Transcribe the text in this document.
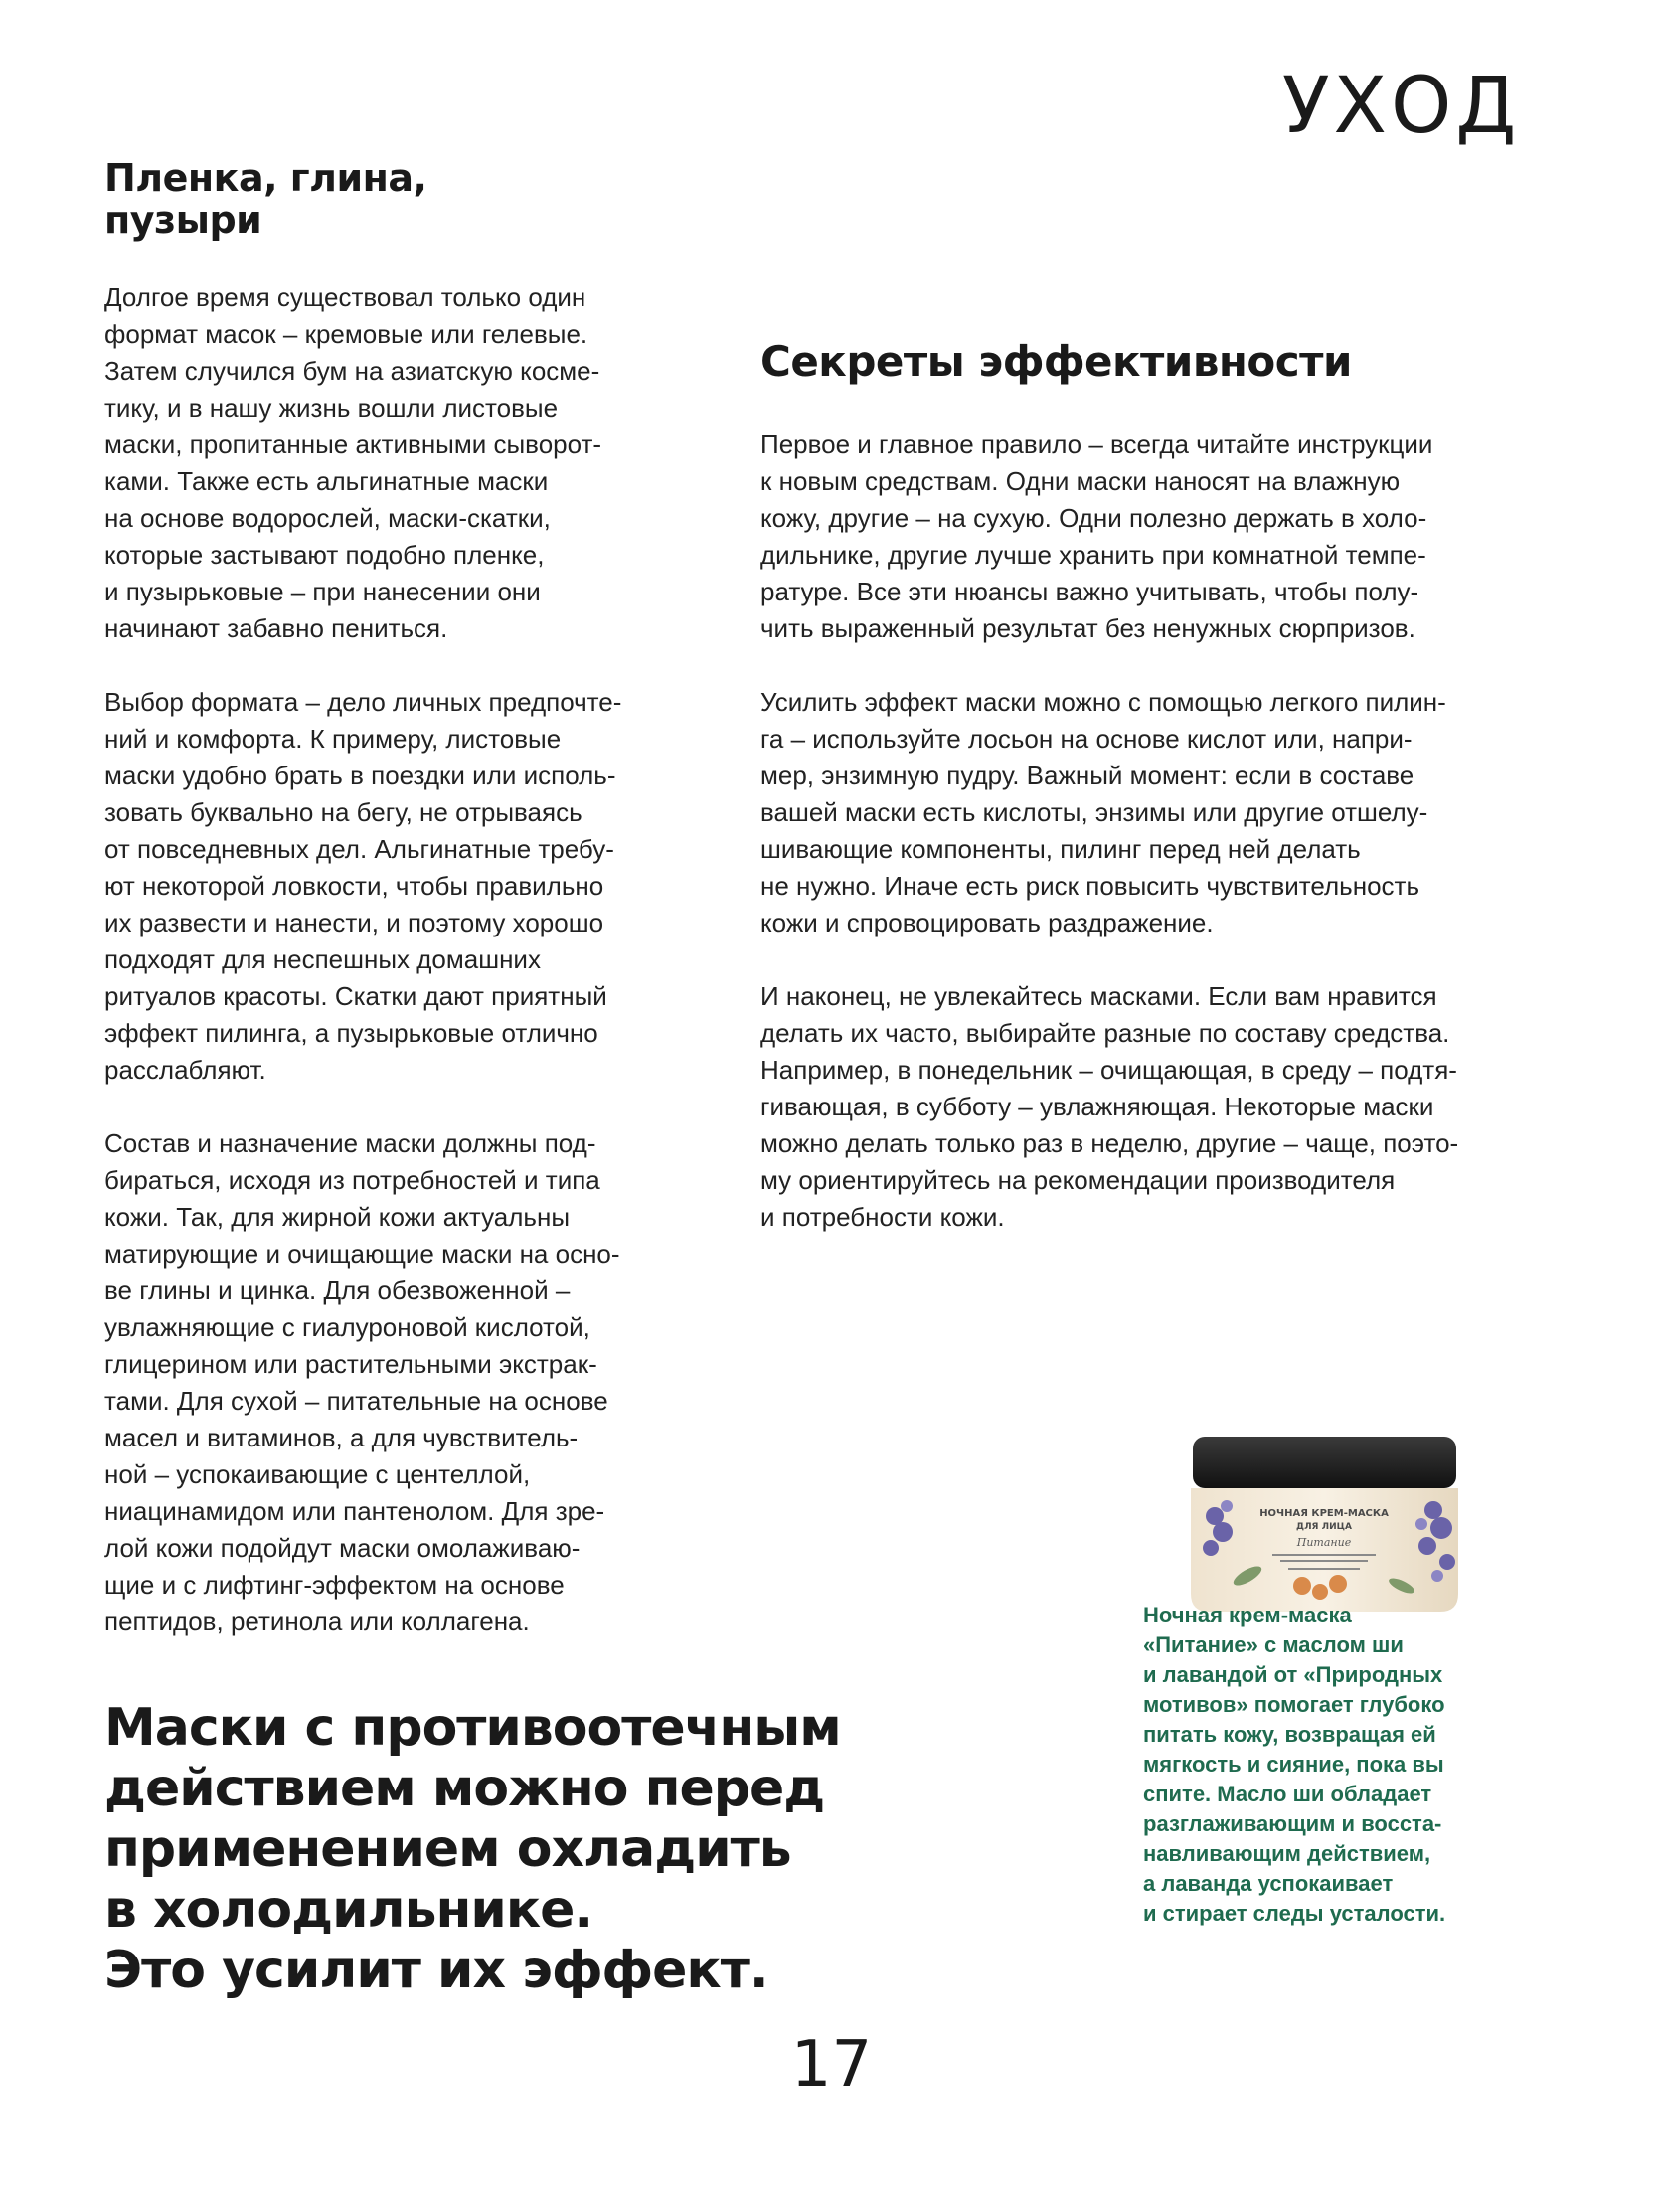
УХОД
Пленка, глина,
пузыри

Долгое время существовал только один
формат масок – кремовые или гелевые.
Затем случился бум на азиатскую косме-
тику, и в нашу жизнь вошли листовые
маски, пропитанные активными сыворот-
ками. Также есть альгинатные маски
на основе водорослей, маски-скатки,
которые застывают подобно пленке,
и пузырьковые – при нанесении они
начинают забавно пениться.

Выбор формата – дело личных предпочте-
ний и комфорта. К примеру, листовые
маски удобно брать в поездки или исполь-
зовать буквально на бегу, не отрываясь
от повседневных дел. Альгинатные требу-
ют некоторой ловкости, чтобы правильно
их развести и нанести, и поэтому хорошо
подходят для неспешных домашних
ритуалов красоты. Скатки дают приятный
эффект пилинга, а пузырьковые отлично
расслабляют.

Состав и назначение маски должны под-
бираться, исходя из потребностей и типа
кожи. Так, для жирной кожи актуальны
матирующие и очищающие маски на осно-
ве глины и цинка. Для обезвоженной –
увлажняющие с гиалуроновой кислотой,
глицерином или растительными экстрак-
тами. Для сухой – питательные на основе
масел и витаминов, а для чувствитель-
ной – успокаивающие с центеллой,
ниацинамидом или пантенолом. Для зре-
лой кожи подойдут маски омолаживаю-
щие и с лифтинг-эффектом на основе
пептидов, ретинола или коллагена.

Секреты эффективности

Первое и главное правило – всегда читайте инструкции
к новым средствам. Одни маски наносят на влажную
кожу, другие – на сухую. Одни полезно держать в холо-
дильнике, другие лучше хранить при комнатной темпе-
ратуре. Все эти нюансы важно учитывать, чтобы полу-
чить выраженный результат без ненужных сюрпризов.

Усилить эффект маски можно с помощью легкого пилин-
га – используйте лосьон на основе кислот или, напри-
мер, энзимную пудру. Важный момент: если в составе
вашей маски есть кислоты, энзимы или другие отшелу-
шивающие компоненты, пилинг перед ней делать
не нужно. Иначе есть риск повысить чувствительность
кожи и спровоцировать раздражение.

И наконец, не увлекайтесь масками. Если вам нравится
делать их часто, выбирайте разные по составу средства.
Например, в понедельник – очищающая, в среду – подтя-
гивающая, в субботу – увлажняющая. Некоторые маски
можно делать только раз в неделю, другие – чаще, поэто-
му ориентируйтесь на рекомендации производителя
и потребности кожи.

НОЧНАЯ КРЕМ-МАСКА
ДЛЯ ЛИЦА
Питание

Ночная крем-маска
«Питание» с маслом ши
и лавандой от «Природных
мотивов» помогает глубоко
питать кожу, возвращая ей
мягкость и сияние, пока вы
спите. Масло ши обладает
разглаживающим и восста-
навливающим действием,
а лаванда успокаивает
и стирает следы усталости.

Маски с противоотечным
действием можно перед
применением охладить
в холодильнике.
Это усилит их эффект.

17
